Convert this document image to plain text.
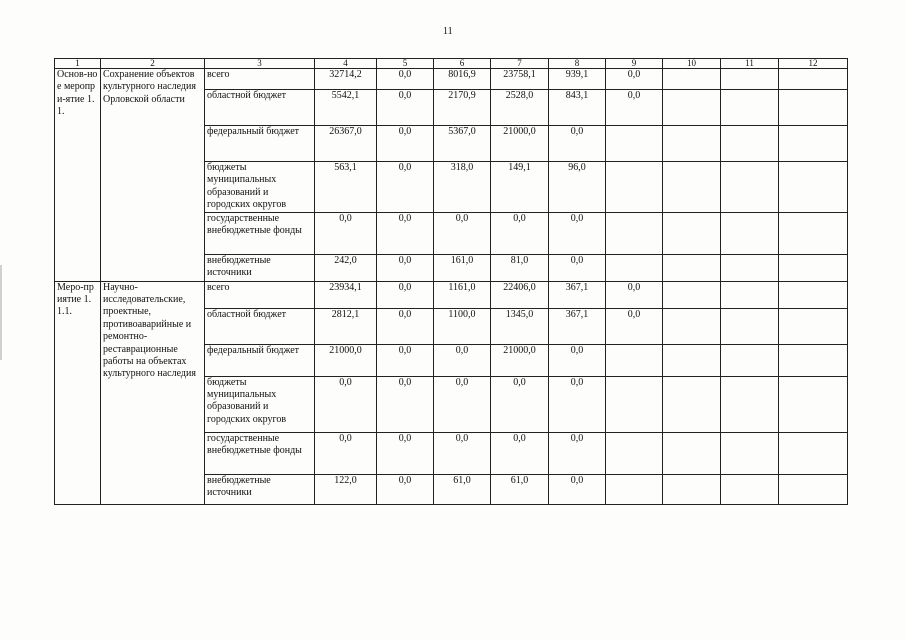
11
1	2	3	4	5	6	7	8	9	10	11	12
Основ-ное меропри-ятие 1.1.	Сохранение объектов культурного наследия Орловской области	всего	32714,2	0,0	8016,9	23758,1	939,1	0,0			
		областной бюджет	5542,1	0,0	2170,9	2528,0	843,1	0,0			
		федеральный бюджет	26367,0	0,0	5367,0	21000,0	0,0				
		бюджеты муниципальных образований и городских округов	563,1	0,0	318,0	149,1	96,0				
		государственные внебюджетные фонды	0,0	0,0	0,0	0,0	0,0				
		внебюджетные источники	242,0	0,0	161,0	81,0	0,0				
Меро-приятие 1.1.1.	Научно-исследовательские, проектные, противоаварийные и ремонтно-реставрационные работы на объектах культурного наследия	всего	23934,1	0,0	1161,0	22406,0	367,1	0,0			
		областной бюджет	2812,1	0,0	1100,0	1345,0	367,1	0,0			
		федеральный бюджет	21000,0	0,0	0,0	21000,0	0,0				
		бюджеты муниципальных образований и городских округов	0,0	0,0	0,0	0,0	0,0				
		государственные внебюджетные фонды	0,0	0,0	0,0	0,0	0,0				
		внебюджетные источники	122,0	0,0	61,0	61,0	0,0				
